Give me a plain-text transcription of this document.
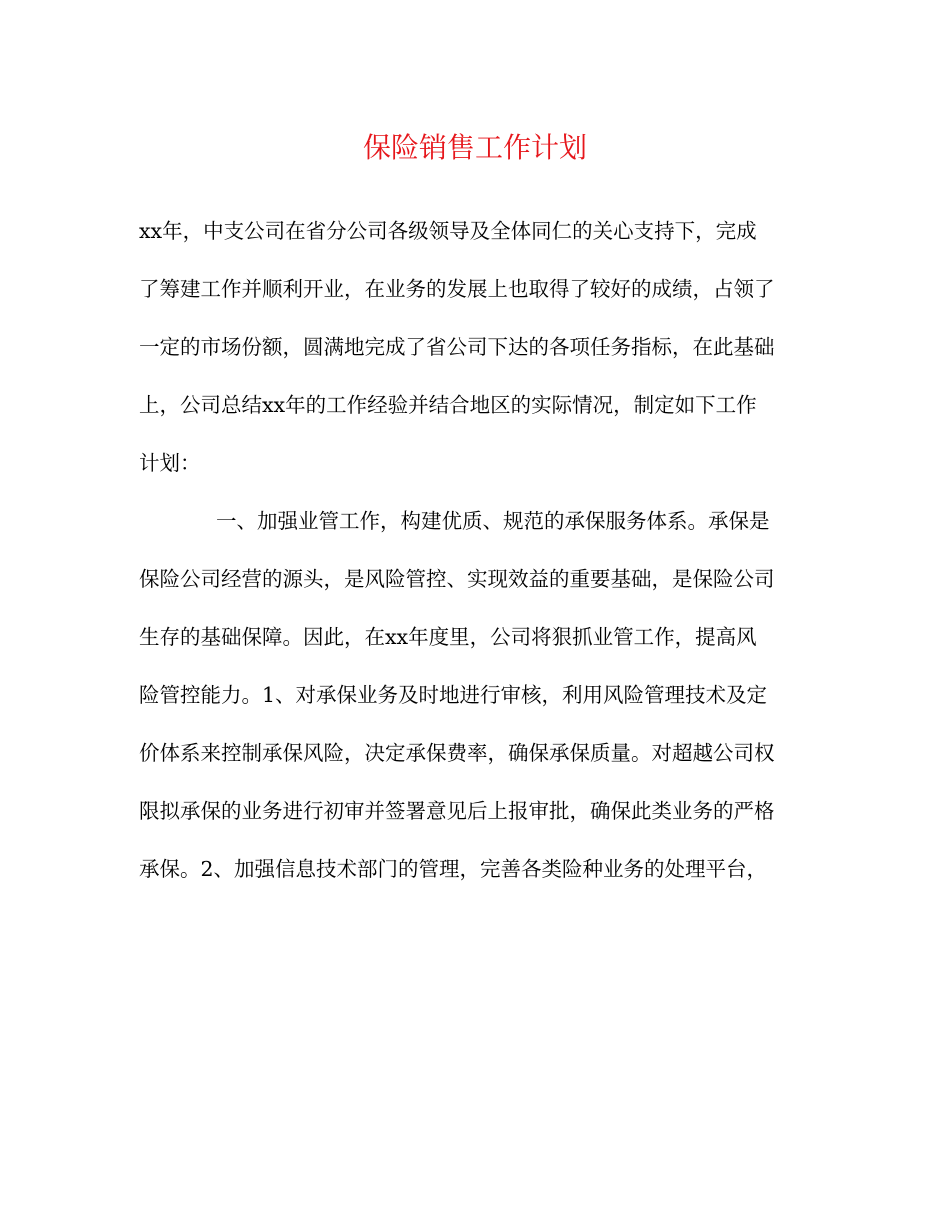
保险销售工作计划
xx年，中支公司在省分公司各级领导及全体同仁的关心支持下，完成
了筹建工作并顺利开业，在业务的发展上也取得了较好的成绩，占领了
一定的市场份额，圆满地完成了省公司下达的各项任务指标，在此基础
上，公司总结xx年的工作经验并结合地区的实际情况，制定如下工作
计划：
一、加强业管工作，构建优质、规范的承保服务体系。承保是
保险公司经营的源头，是风险管控、实现效益的重要基础，是保险公司
生存的基础保障。因此，在xx年度里，公司将狠抓业管工作，提高风
险管控能力。1、对承保业务及时地进行审核，利用风险管理技术及定
价体系来控制承保风险，决定承保费率，确保承保质量。对超越公司权
限拟承保的业务进行初审并签署意见后上报审批，确保此类业务的严格
承保。2、加强信息技术部门的管理，完善各类险种业务的处理平台，
